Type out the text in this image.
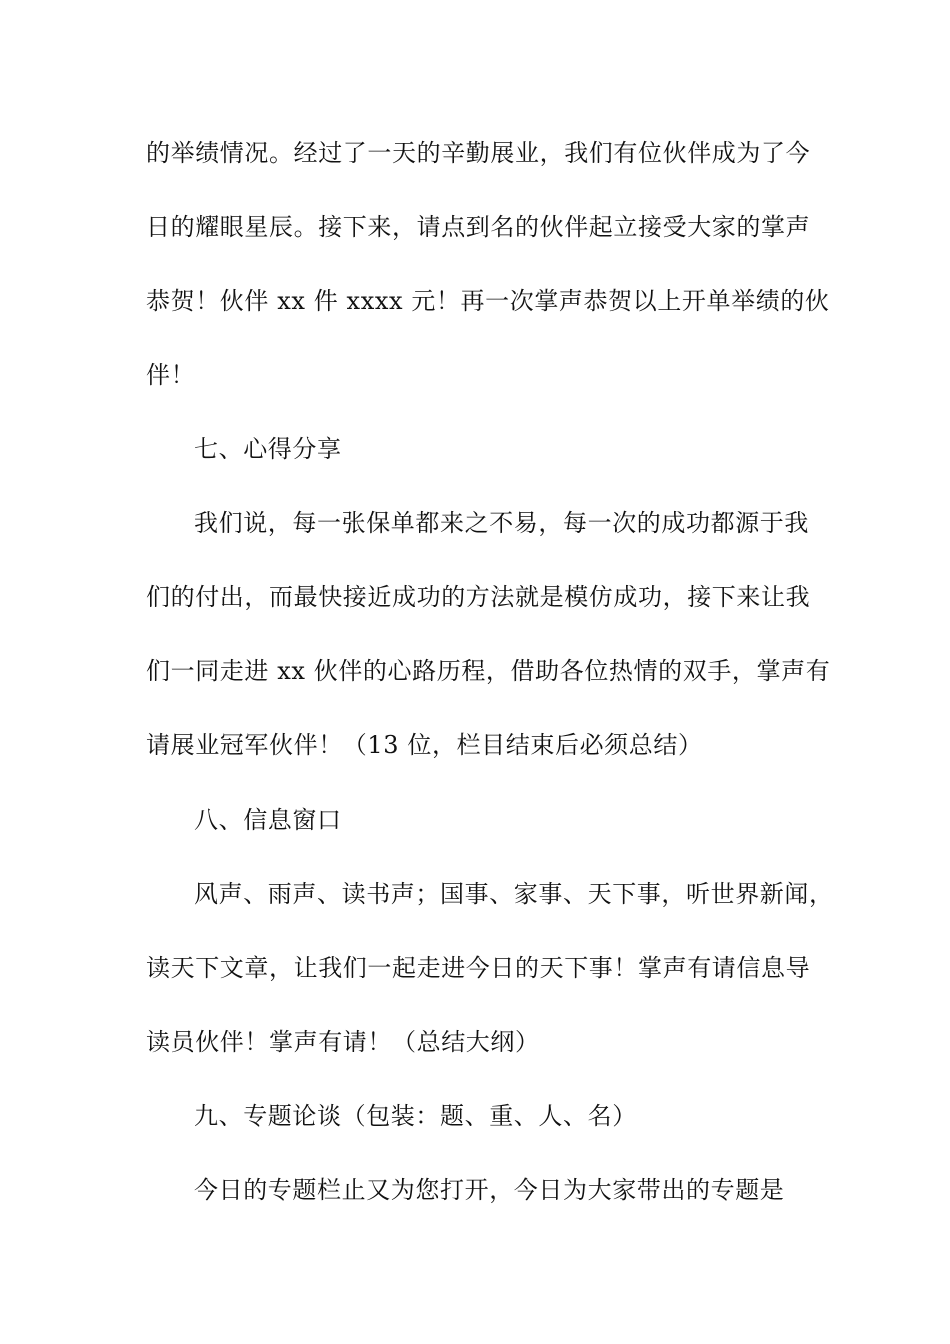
的举绩情况。经过了一天的辛勤展业，我们有位伙伴成为了今
日的耀眼星辰。接下来，请点到名的伙伴起立接受大家的掌声
恭贺！伙伴 xx 件 xxxx 元！再一次掌声恭贺以上开单举绩的伙
伴！
七、心得分享
我们说，每一张保单都来之不易，每一次的成功都源于我
们的付出，而最快接近成功的方法就是模仿成功，接下来让我
们一同走进 xx 伙伴的心路历程，借助各位热情的双手，掌声有
请展业冠军伙伴！（13 位，栏目结束后必须总结）
八、信息窗口
风声、雨声、读书声；国事、家事、天下事，听世界新闻，
读天下文章，让我们一起走进今日的天下事！掌声有请信息导
读员伙伴！掌声有请！（总结大纲）
九、专题论谈（包装：题、重、人、名）
今日的专题栏止又为您打开，今日为大家带出的专题是
